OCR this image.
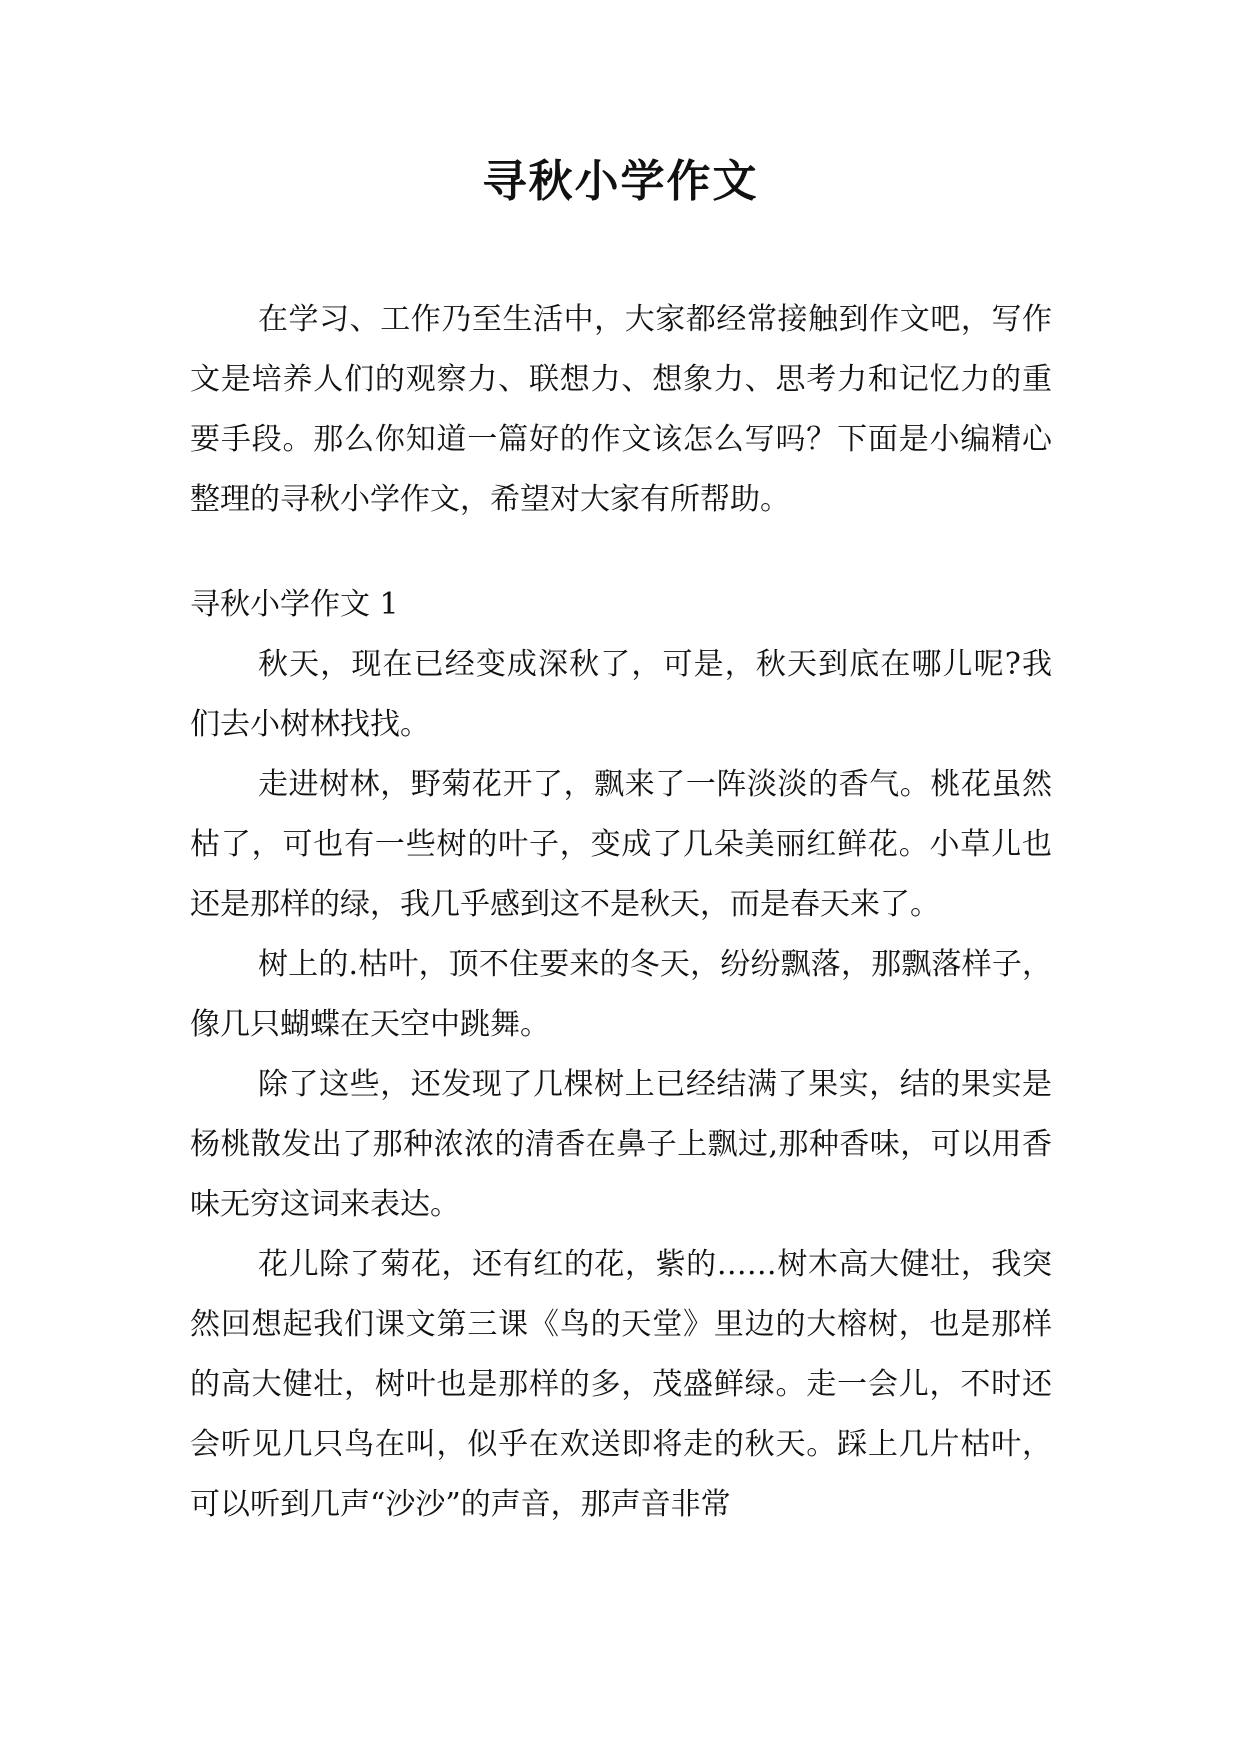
寻秋小学作文

在学习、工作乃至生活中，大家都经常接触到作文吧，写作文是培养人们的观察力、联想力、想象力、思考力和记忆力的重要手段。那么你知道一篇好的作文该怎么写吗？下面是小编精心整理的寻秋小学作文，希望对大家有所帮助。

寻秋小学作文 1

秋天，现在已经变成深秋了，可是，秋天到底在哪儿呢?我们去小树林找找。

走进树林，野菊花开了，飘来了一阵淡淡的香气。桃花虽然枯了，可也有一些树的叶子，变成了几朵美丽红鲜花。小草儿也还是那样的绿，我几乎感到这不是秋天，而是春天来了。

树上的.枯叶，顶不住要来的冬天，纷纷飘落，那飘落样子，像几只蝴蝶在天空中跳舞。

除了这些，还发现了几棵树上已经结满了果实，结的果实是杨桃散发出了那种浓浓的清香在鼻子上飘过,那种香味，可以用香味无穷这词来表达。

花儿除了菊花，还有红的花，紫的……树木高大健壮，我突然回想起我们课文第三课《鸟的天堂》里边的大榕树，也是那样的高大健壮，树叶也是那样的多，茂盛鲜绿。走一会儿，不时还会听见几只鸟在叫，似乎在欢送即将走的秋天。踩上几片枯叶，可以听到几声“沙沙”的声音，那声音非常
